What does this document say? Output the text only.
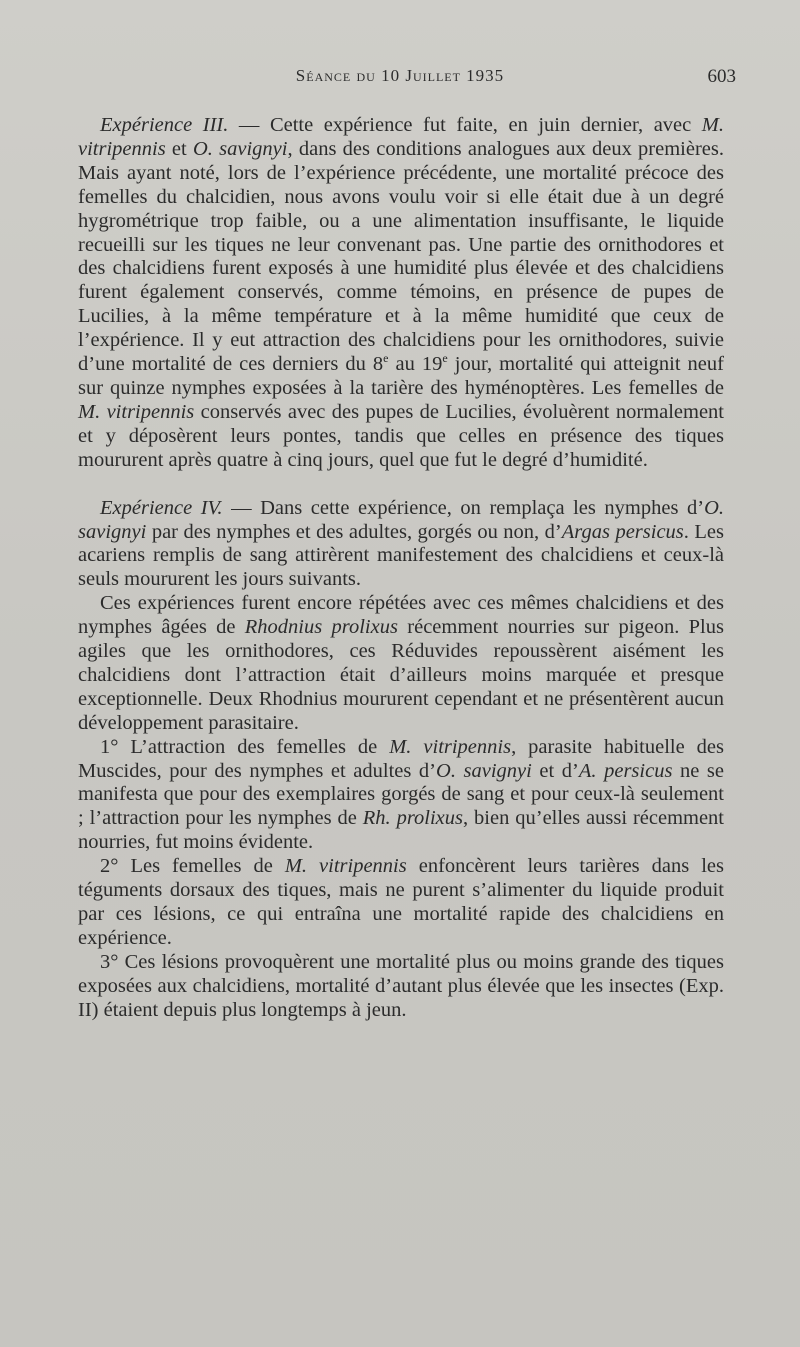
Séance du 10 Juillet 1935	603

Expérience III. — Cette expérience fut faite, en juin dernier, avec M. vitripennis et O. savignyi, dans des conditions analogues aux deux premières. Mais ayant noté, lors de l’expérience précédente, une mortalité précoce des femelles du chalcidien, nous avons voulu voir si elle était due à un degré hygrométrique trop faible, ou a une alimentation insuffisante, le liquide recueilli sur les tiques ne leur convenant pas. Une partie des ornithodores et des chalcidiens furent exposés à une humidité plus élevée et des chalcidiens furent également conservés, comme témoins, en présence de pupes de Lucilies, à la même température et à la même humidité que ceux de l’expérience. Il y eut attraction des chalcidiens pour les ornithodores, suivie d’une mortalité de ces derniers du 8e au 19e jour, mortalité qui atteignit neuf sur quinze nymphes exposées à la tarière des hyménoptères. Les femelles de M. vitripennis conservés avec des pupes de Lucilies, évoluèrent normalement et y déposèrent leurs pontes, tandis que celles en présence des tiques moururent après quatre à cinq jours, quel que fut le degré d’humidité.

Expérience IV. — Dans cette expérience, on remplaça les nymphes d’O. savignyi par des nymphes et des adultes, gorgés ou non, d’Argas persicus. Les acariens remplis de sang attirèrent manifestement des chalcidiens et ceux-là seuls moururent les jours suivants.

Ces expériences furent encore répétées avec ces mêmes chalcidiens et des nymphes âgées de Rhodnius prolixus récemment nourries sur pigeon. Plus agiles que les ornithodores, ces Réduvides repoussèrent aisément les chalcidiens dont l’attraction était d’ailleurs moins marquée et presque exceptionnelle. Deux Rhodnius moururent cependant et ne présentèrent aucun développement parasitaire.

1° L’attraction des femelles de M. vitripennis, parasite habituelle des Muscides, pour des nymphes et adultes d’O. savignyi et d’A. persicus ne se manifesta que pour des exemplaires gorgés de sang et pour ceux-là seulement ; l’attraction pour les nymphes de Rh. prolixus, bien qu’elles aussi récemment nourries, fut moins évidente.

2° Les femelles de M. vitripennis enfoncèrent leurs tarières dans les téguments dorsaux des tiques, mais ne purent s’alimenter du liquide produit par ces lésions, ce qui entraîna une mortalité rapide des chalcidiens en expérience.

3° Ces lésions provoquèrent une mortalité plus ou moins grande des tiques exposées aux chalcidiens, mortalité d’autant plus élevée que les insectes (Exp. II) étaient depuis plus longtemps à jeun.
